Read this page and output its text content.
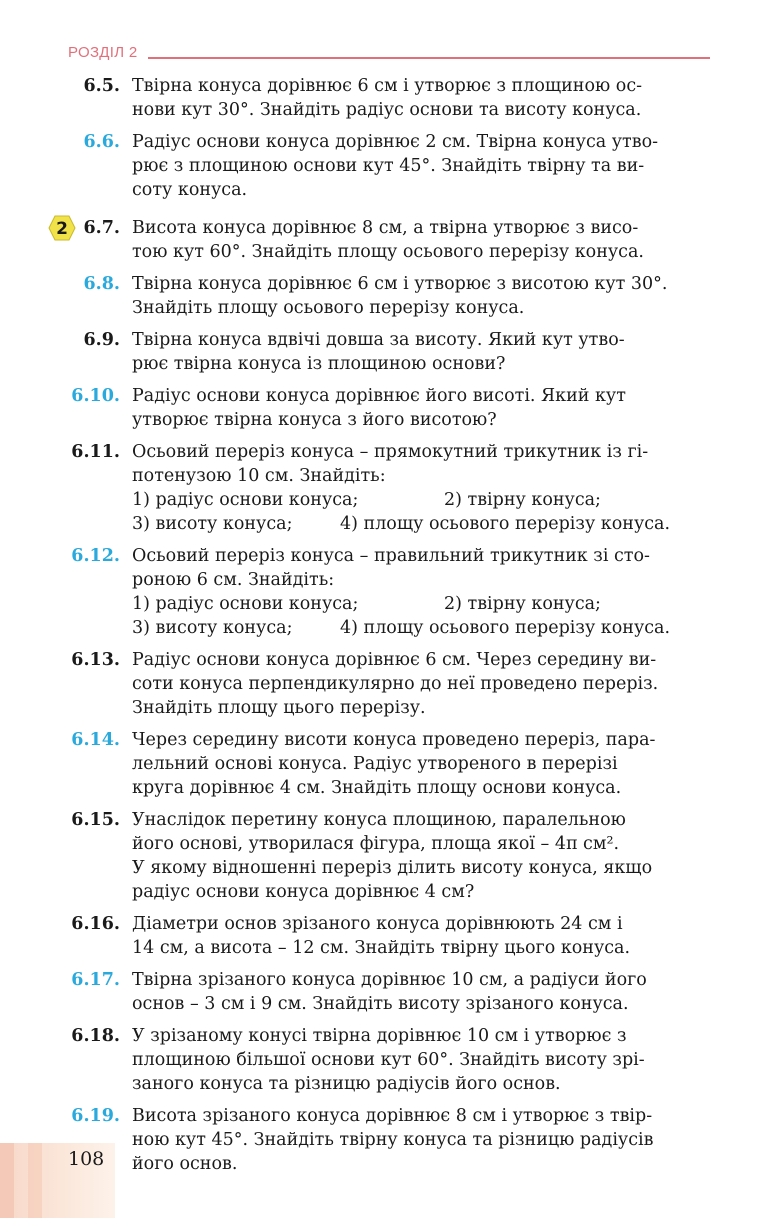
РОЗДІЛ 2
6.5. Твірна конуса дорівнює 6 см і утворює з площиною ос-
нови кут 30°. Знайдіть радіус основи та висоту конуса.
6.6. Радіус основи конуса дорівнює 2 см. Твірна конуса утво-
рює з площиною основи кут 45°. Знайдіть твірну та ви-
соту конуса.
2 6.7. Висота конуса дорівнює 8 см, а твірна утворює з висо-
тою кут 60°. Знайдіть площу осьового перерізу конуса.
6.8. Твірна конуса дорівнює 6 см і утворює з висотою кут 30°.
Знайдіть площу осьового перерізу конуса.
6.9. Твірна конуса вдвічі довша за висоту. Який кут утво-
рює твірна конуса із площиною основи?
6.10. Радіус основи конуса дорівнює його висоті. Який кут
утворює твірна конуса з його висотою?
6.11. Осьовий переріз конуса – прямокутний трикутник із гі-
потенузою 10 см. Знайдіть:
1) радіус основи конуса;	2) твірну конуса;
3) висоту конуса;	4) площу осьового перерізу конуса.
6.12. Осьовий переріз конуса – правильний трикутник зі сто-
роною 6 см. Знайдіть:
1) радіус основи конуса;	2) твірну конуса;
3) висоту конуса;	4) площу осьового перерізу конуса.
6.13. Радіус основи конуса дорівнює 6 см. Через середину ви-
соти конуса перпендикулярно до неї проведено переріз.
Знайдіть площу цього перерізу.
6.14. Через середину висоти конуса проведено переріз, пара-
лельний основі конуса. Радіус утвореного в перерізі
круга дорівнює 4 см. Знайдіть площу основи конуса.
6.15. Унаслідок перетину конуса площиною, паралельною
його основі, утворилася фігура, площа якої – 4π см².
У якому відношенні переріз ділить висоту конуса, якщо
радіус основи конуса дорівнює 4 см?
6.16. Діаметри основ зрізаного конуса дорівнюють 24 см і
14 см, а висота – 12 см. Знайдіть твірну цього конуса.
6.17. Твірна зрізаного конуса дорівнює 10 см, а радіуси його
основ – 3 см і 9 см. Знайдіть висоту зрізаного конуса.
6.18. У зрізаному конусі твірна дорівнює 10 см і утворює з
площиною більшої основи кут 60°. Знайдіть висоту зрі-
заного конуса та різницю радіусів його основ.
6.19. Висота зрізаного конуса дорівнює 8 см і утворює з твір-
ною кут 45°. Знайдіть твірну конуса та різницю радіусів
його основ.
108
